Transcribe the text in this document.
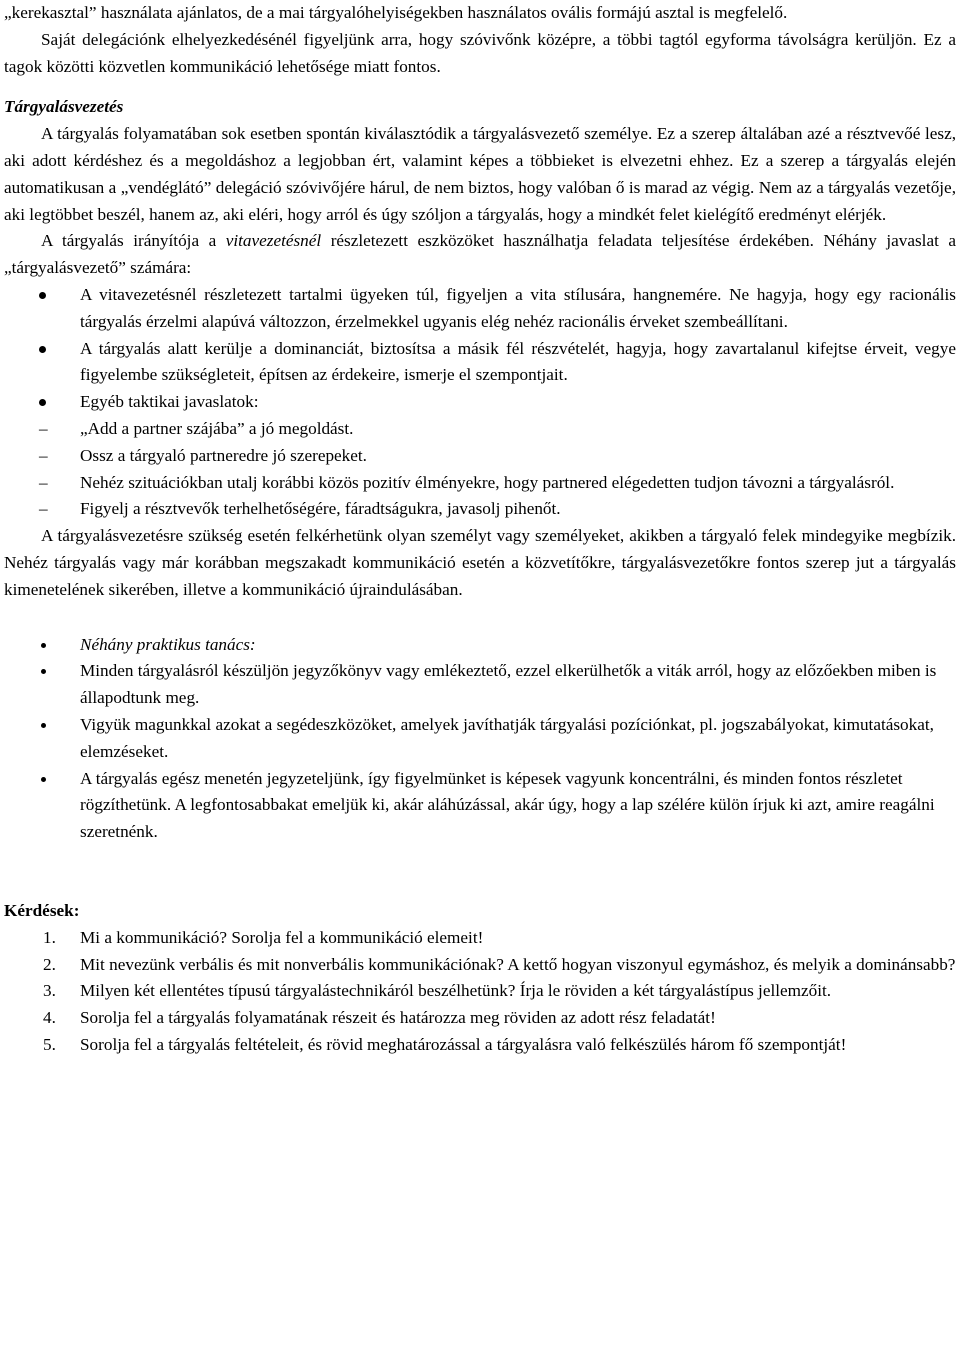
„kerekasztal” használata ajánlatos, de a mai tárgyalóhelyiségekben használatos ovális formájú asztal is megfelelő.

Saját delegációnk elhelyezkedésénél figyeljünk arra, hogy szóvivőnk középre, a többi tagtól egyforma távolságra kerüljön. Ez a tagok közötti közvetlen kommunikáció lehetősége miatt fontos.

Tárgyalásvezetés

A tárgyalás folyamatában sok esetben spontán kiválasztódik a tárgyalásvezető személye. Ez a szerep általában azé a résztvevőé lesz, aki adott kérdéshez és a megoldáshoz a legjobban ért, valamint képes a többieket is elvezetni ehhez. Ez a szerep a tárgyalás elején automatikusan a „vendéglátó” delegáció szóvivőjére hárul, de nem biztos, hogy valóban ő is marad az végig. Nem az a tárgyalás vezetője, aki legtöbbet beszél, hanem az, aki eléri, hogy arról és úgy szóljon a tárgyalás, hogy a mindkét felet kielégítő eredményt elérjék.

A tárgyalás irányítója a vitavezetésnél részletezett eszközöket használhatja feladata teljesítése érdekében. Néhány javaslat a „tárgyalásvezető” számára:

A vitavezetésnél részletezett tartalmi ügyeken túl, figyeljen a vita stílusára, hangnemére. Ne hagyja, hogy egy racionális tárgyalás érzelmi alapúvá változzon, érzelmekkel ugyanis elég nehéz racionális érveket szembeállítani.
A tárgyalás alatt kerülje a dominanciát, biztosítsa a másik fél részvételét, hagyja, hogy zavartalanul kifejtse érveit, vegye figyelembe szükségleteit, építsen az érdekeire, ismerje el szempontjait.
Egyéb taktikai javaslatok:
– „Add a partner szájába” a jó megoldást.
– Ossz a tárgyaló partneredre jó szerepeket.
– Nehéz szituációkban utalj korábbi közös pozitív élményekre, hogy partnered elégedetten tudjon távozni a tárgyalásról.
– Figyelj a résztvevők terhelhetőségére, fáradtságukra, javasolj pihenőt.

A tárgyalásvezetésre szükség esetén felkérhetünk olyan személyt vagy személyeket, akikben a tárgyaló felek mindegyike megbízik. Nehéz tárgyalás vagy már korábban megszakadt kommunikáció esetén a közvetítőkre, tárgyalásvezetőkre fontos szerep jut a tárgyalás kimenetelének sikerében, illetve a kommunikáció újraindulásában.

Néhány praktikus tanács:
Minden tárgyalásról készüljön jegyzőkönyv vagy emlékeztető, ezzel elkerülhetők a viták arról, hogy az előzőekben miben is állapodtunk meg.
Vigyük magunkkal azokat a segédeszközöket, amelyek javíthatják tárgyalási pozíciónkat, pl. jogszabályokat, kimutatásokat, elemzéseket.
A tárgyalás egész menetén jegyzeteljünk, így figyelmünket is képesek vagyunk koncentrálni, és minden fontos részletet rögzíthetünk. A legfontosabbakat emeljük ki, akár aláhúzással, akár úgy, hogy a lap szélére külön írjuk ki azt, amire reagálni szeretnénk.

Kérdések:

1. Mi a kommunikáció? Sorolja fel a kommunikáció elemeit!
2. Mit nevezünk verbális és mit nonverbális kommunikációnak? A kettő hogyan viszonyul egymáshoz, és melyik a dominánsabb?
3. Milyen két ellentétes típusú tárgyalástechnikáról beszélhetünk? Írja le röviden a két tárgyalástípus jellemzőit.
4. Sorolja fel a tárgyalás folyamatának részeit és határozza meg röviden az adott rész feladatát!
5. Sorolja fel a tárgyalás feltételeit, és rövid meghatározással a tárgyalásra való felkészülés három fő szempontját!
